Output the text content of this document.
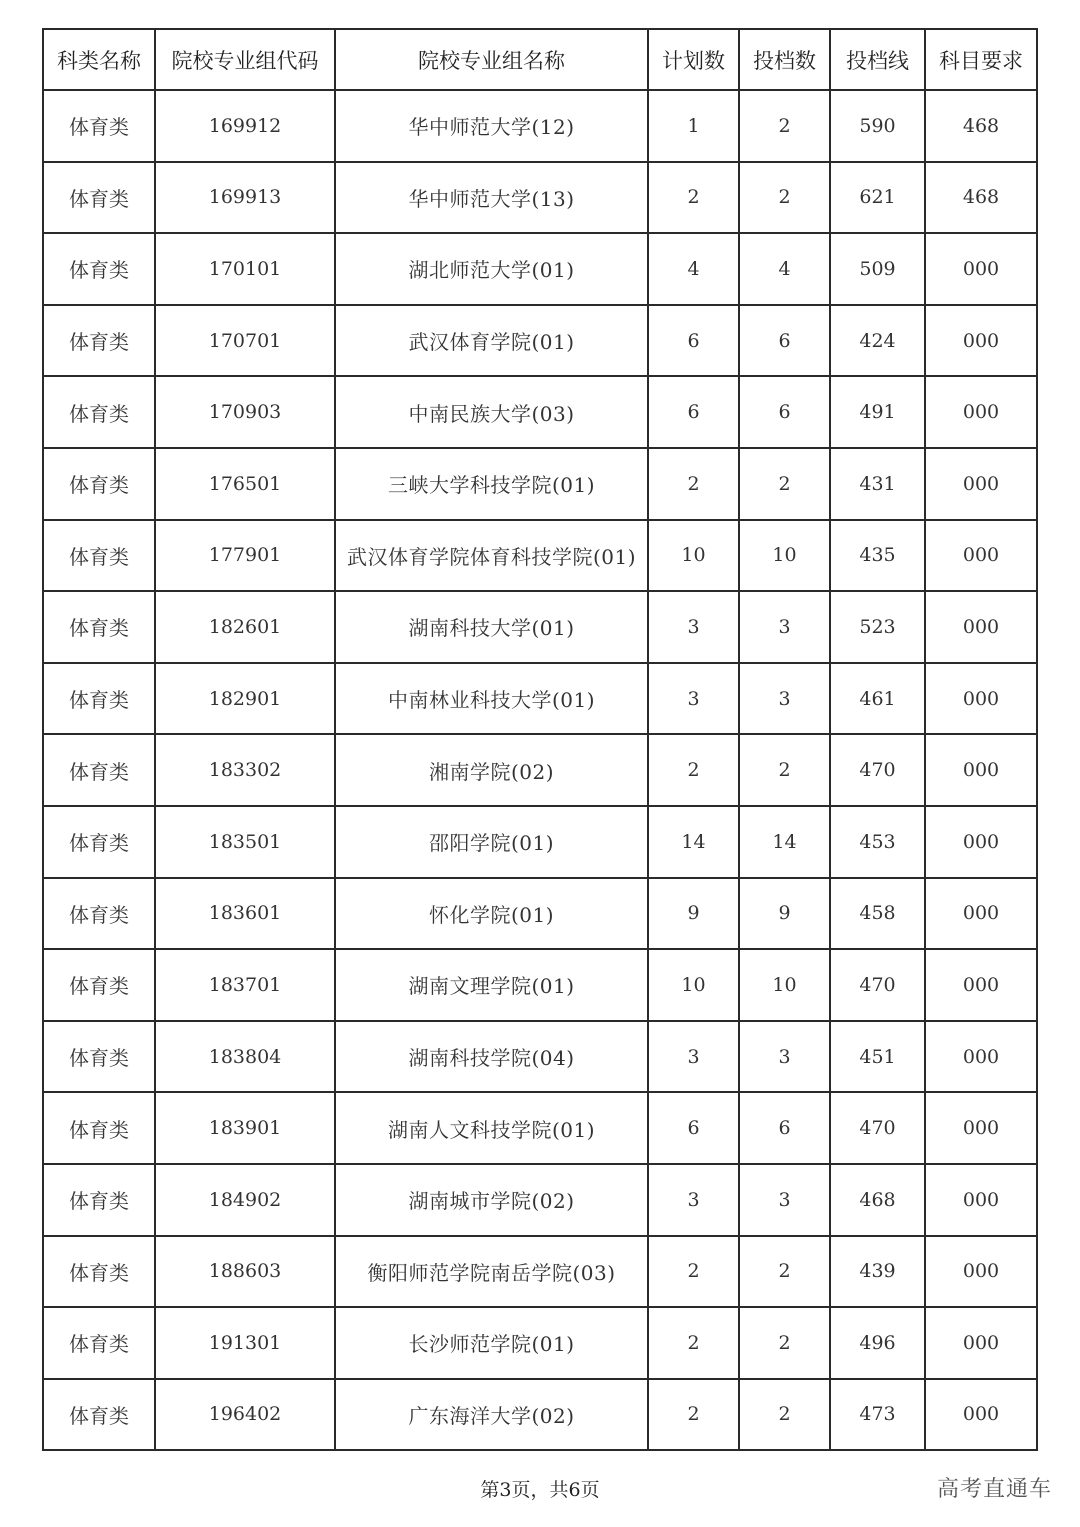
科类名称	院校专业组代码	院校专业组名称	计划数	投档数	投档线	科目要求
体育类	169912	华中师范大学(12)	1	2	590	468
体育类	169913	华中师范大学(13)	2	2	621	468
体育类	170101	湖北师范大学(01)	4	4	509	000
体育类	170701	武汉体育学院(01)	6	6	424	000
体育类	170903	中南民族大学(03)	6	6	491	000
体育类	176501	三峡大学科技学院(01)	2	2	431	000
体育类	177901	武汉体育学院体育科技学院(01)	10	10	435	000
体育类	182601	湖南科技大学(01)	3	3	523	000
体育类	182901	中南林业科技大学(01)	3	3	461	000
体育类	183302	湘南学院(02)	2	2	470	000
体育类	183501	邵阳学院(01)	14	14	453	000
体育类	183601	怀化学院(01)	9	9	458	000
体育类	183701	湖南文理学院(01)	10	10	470	000
体育类	183804	湖南科技学院(04)	3	3	451	000
体育类	183901	湖南人文科技学院(01)	6	6	470	000
体育类	184902	湖南城市学院(02)	3	3	468	000
体育类	188603	衡阳师范学院南岳学院(03)	2	2	439	000
体育类	191301	长沙师范学院(01)	2	2	496	000
体育类	196402	广东海洋大学(02)	2	2	473	000
第3页，共6页	高考直通车
